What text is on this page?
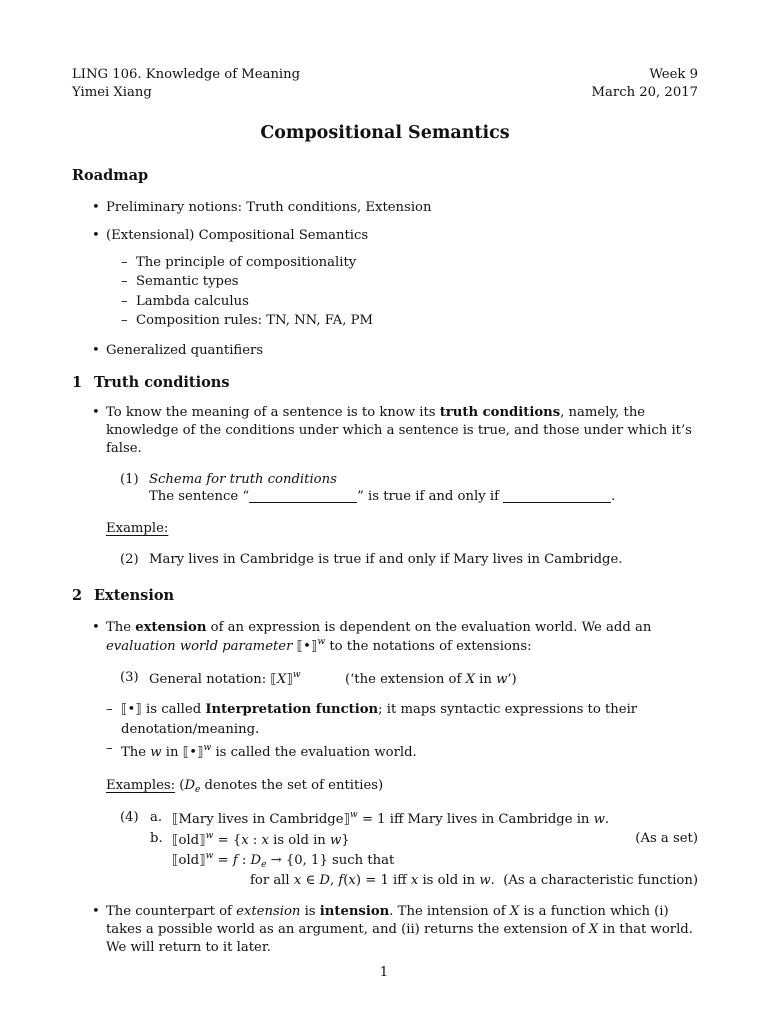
LING 106. Knowledge of Meaning
Yimei Xiang
Week 9
March 20, 2017
Compositional Semantics
Roadmap
• Preliminary notions: Truth conditions, Extension
• (Extensional) Compositional Semantics
– The principle of compositionality
– Semantic types
– Lambda calculus
– Composition rules: TN, NN, FA, PM
• Generalized quantifiers
1 Truth conditions
• To know the meaning of a sentence is to know its truth conditions, namely, the knowledge of the conditions under which a sentence is true, and those under which it’s false.
(1) Schema for truth conditions
The sentence “	” is true if and only if	.
Example:
(2) Mary lives in Cambridge is true if and only if Mary lives in Cambridge.
2 Extension
• The extension of an expression is dependent on the evaluation world. We add an evaluation world parameter ⟦•⟧$^w$ to the notations of extensions:
(3) General notation: ⟦X⟧$^w$	(‘the extension of X in w’)
– ⟦•⟧ is called Interpretation function; it maps syntactic expressions to their denotation/meaning.
– The w in ⟦•⟧$^w$ is called the evaluation world.
Examples: ($D_e$ denotes the set of entities)
(4) a. ⟦Mary lives in Cambridge⟧$^w$ = 1 iff Mary lives in Cambridge in w.
b. ⟦old⟧$^w$ = {x : x is old in w}	(As a set)
⟦old⟧$^w$ = f : $D_e \to \{0$, 1} such that
for all x ∈ D, f(x) = 1 iff x is old in w. (As a characteristic function)
• The counterpart of extension is intension. The intension of X is a function which (i) takes a possible world as an argument, and (ii) returns the extension of X in that world. We will return to it later.
1
